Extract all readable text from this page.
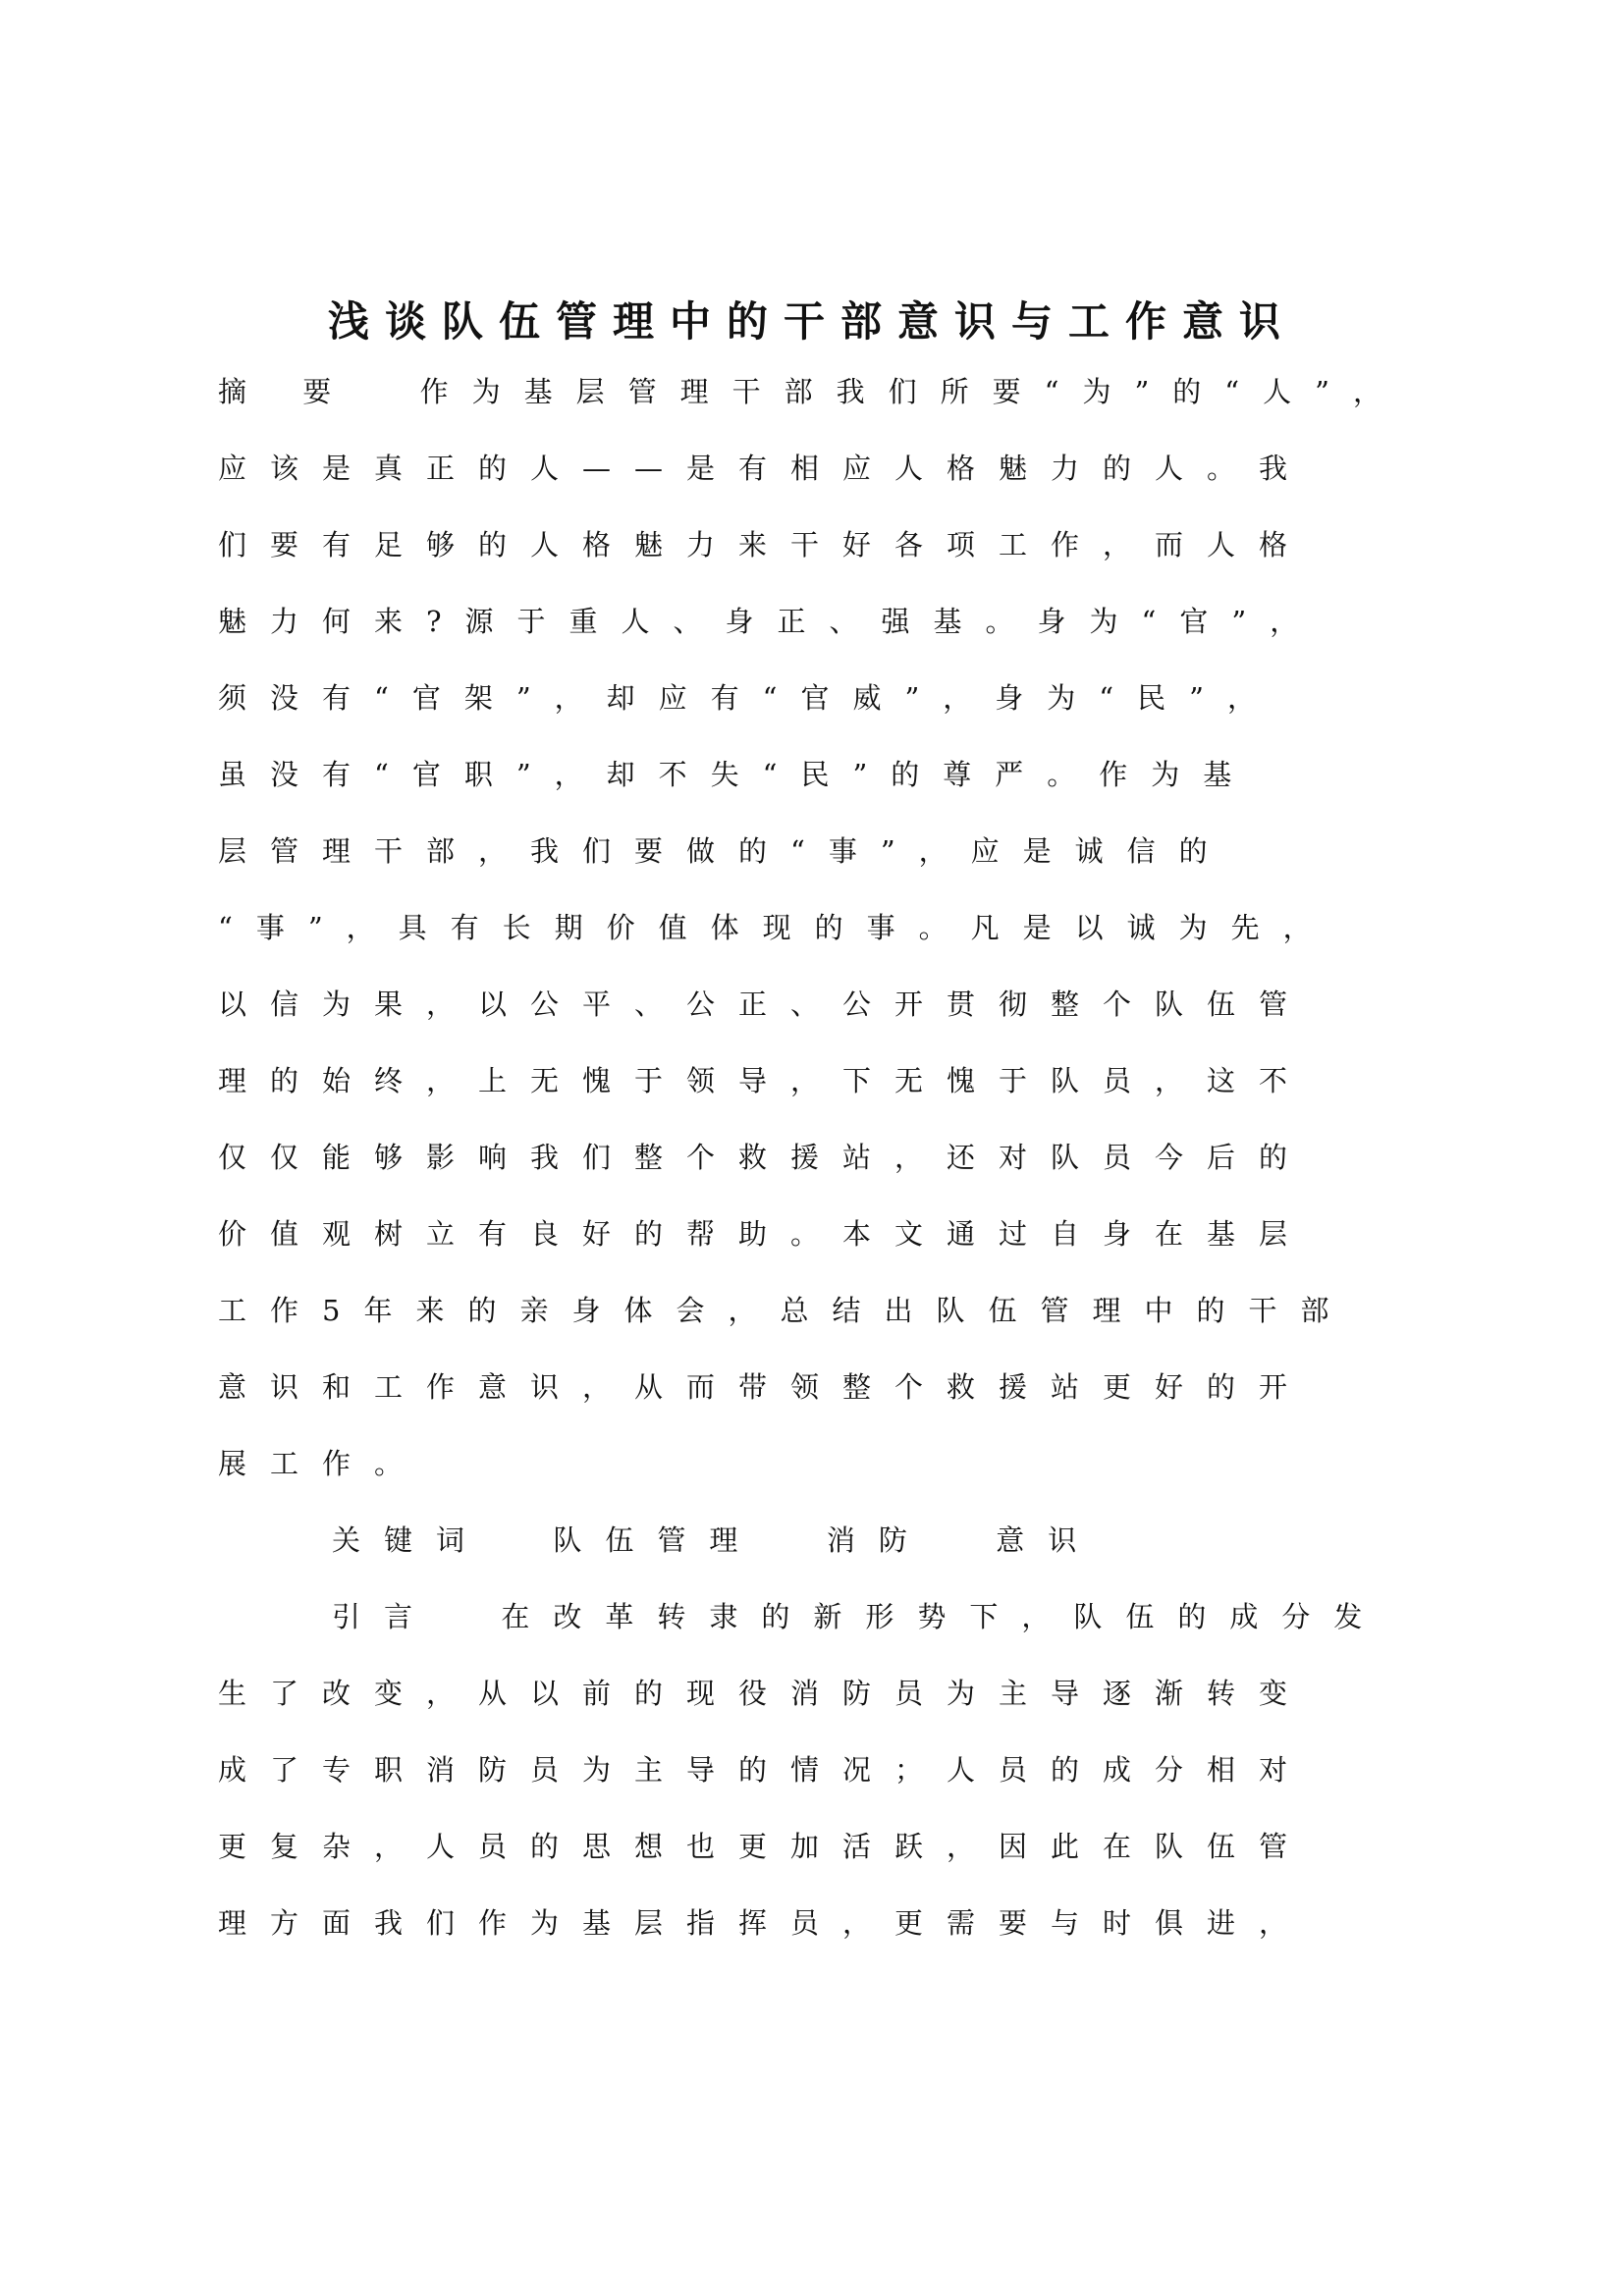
浅谈队伍管理中的干部意识与工作意识
摘 要  作为基层管理干部我们所要“为”的“人”，
应该是真正的人——是有相应人格魅力的人。我
们要有足够的人格魅力来干好各项工作，而人格
魅力何来?源于重人、身正、强基。身为“官”，
须没有“官架”，却应有“官威”，身为“民”，
虽没有“官职”，却不失“民”的尊严。作为基
层管理干部，我们要做的“事”，应是诚信的
“事”，具有长期价值体现的事。凡是以诚为先，
以信为果，以公平、公正、公开贯彻整个队伍管
理的始终，上无愧于领导，下无愧于队员，这不
仅仅能够影响我们整个救援站，还对队员今后的
价值观树立有良好的帮助。本文通过自身在基层
工作5年来的亲身体会，总结出队伍管理中的干部
意识和工作意识，从而带领整个救援站更好的开
展工作。
关键词  队伍管理  消防  意识
引言  在改革转隶的新形势下，队伍的成分发
生了改变，从以前的现役消防员为主导逐渐转变
成了专职消防员为主导的情况；人员的成分相对
更复杂，人员的思想也更加活跃，因此在队伍管
理方面我们作为基层指挥员，更需要与时俱进，
